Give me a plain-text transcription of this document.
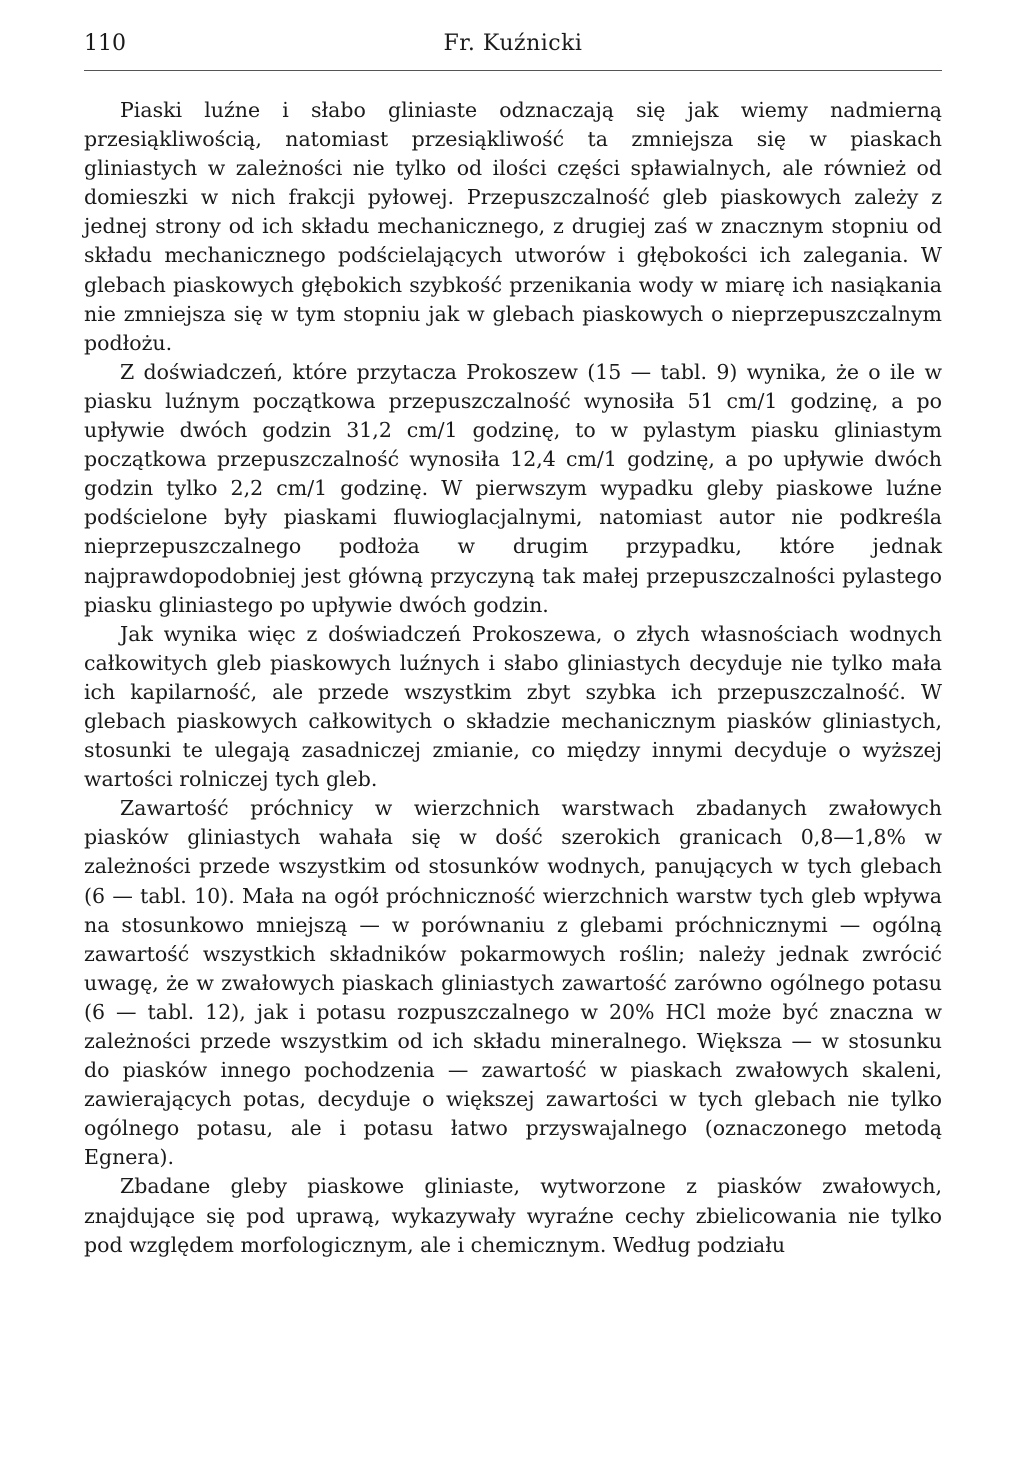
110	Fr. Kuźnicki

Piaski luźne i słabo gliniaste odznaczają się jak wiemy nadmierną przesiąkliwością, natomiast przesiąkliwość ta zmniejsza się w piaskach gliniastych w zależności nie tylko od ilości części spławialnych, ale również od domieszki w nich frakcji pyłowej. Przepuszczalność gleb piaskowych zależy z jednej strony od ich składu mechanicznego, z drugiej zaś w znacznym stopniu od składu mechanicznego podścielających utworów i głębokości ich zalegania. W glebach piaskowych głębokich szybkość przenikania wody w miarę ich nasiąkania nie zmniejsza się w tym stopniu jak w glebach piaskowych o nieprzepuszczalnym podłożu.

Z doświadczeń, które przytacza Prokoszew (15 — tabl. 9) wynika, że o ile w piasku luźnym początkowa przepuszczalność wynosiła 51 cm/1 godzinę, a po upływie dwóch godzin 31,2 cm/1 godzinę, to w pylastym piasku gliniastym początkowa przepuszczalność wynosiła 12,4 cm/1 godzinę, a po upływie dwóch godzin tylko 2,2 cm/1 godzinę. W pierwszym wypadku gleby piaskowe luźne podścielone były piaskami fluwioglacjalnymi, natomiast autor nie podkreśla nieprzepuszczalnego podłoża w drugim przypadku, które jednak najprawdopodobniej jest główną przyczyną tak małej przepuszczalności pylastego piasku gliniastego po upływie dwóch godzin.

Jak wynika więc z doświadczeń Prokoszewa, o złych własnościach wodnych całkowitych gleb piaskowych luźnych i słabo gliniastych decyduje nie tylko mała ich kapilarność, ale przede wszystkim zbyt szybka ich przepuszczalność. W glebach piaskowych całkowitych o składzie mechanicznym piasków gliniastych, stosunki te ulegają zasadniczej zmianie, co między innymi decyduje o wyższej wartości rolniczej tych gleb.

Zawartość próchnicy w wierzchnich warstwach zbadanych zwałowych piasków gliniastych wahała się w dość szerokich granicach 0,8—1,8% w zależności przede wszystkim od stosunków wodnych, panujących w tych glebach (6 — tabl. 10). Mała na ogół próchniczność wierzchnich warstw tych gleb wpływa na stosunkowo mniejszą — w porównaniu z glebami próchnicznymi — ogólną zawartość wszystkich składników pokarmowych roślin; należy jednak zwrócić uwagę, że w zwałowych piaskach gliniastych zawartość zarówno ogólnego potasu (6 — tabl. 12), jak i potasu rozpuszczalnego w 20% HCl może być znaczna w zależności przede wszystkim od ich składu mineralnego. Większa — w stosunku do piasków innego pochodzenia — zawartość w piaskach zwałowych skaleni, zawierających potas, decyduje o większej zawartości w tych glebach nie tylko ogólnego potasu, ale i potasu łatwo przyswajalnego (oznaczonego metodą Egnera).

Zbadane gleby piaskowe gliniaste, wytworzone z piasków zwałowych, znajdujące się pod uprawą, wykazywały wyraźne cechy zbielicowania nie tylko pod względem morfologicznym, ale i chemicznym. Według podziału
